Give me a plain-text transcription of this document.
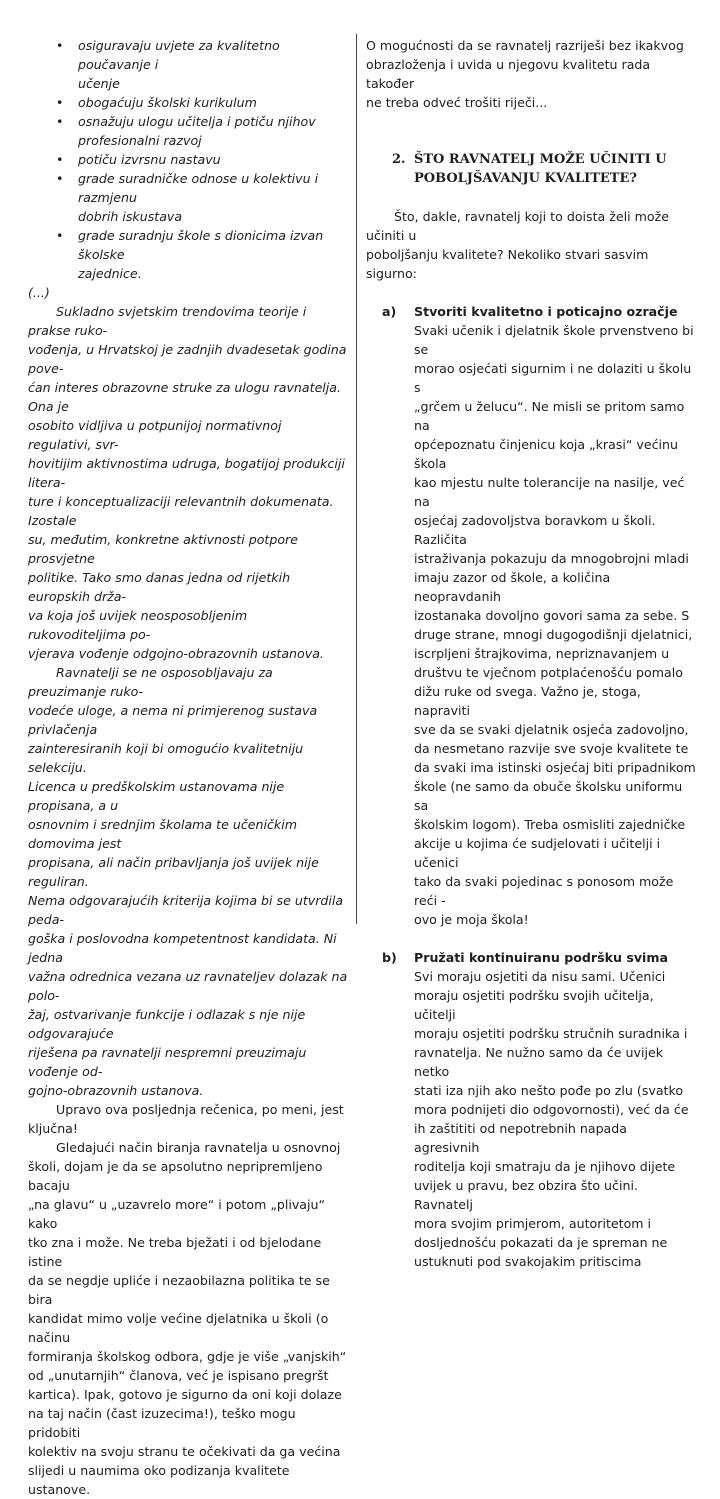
• osiguravaju uvjete za kvalitetno poučavanje i
učenje
• obogaćuju školski kurikulum
• osnažuju ulogu učitelja i potiču njihov
profesionalni razvoj
• potiču izvrsnu nastavu
• grade suradničke odnose u kolektivu i razmjenu
dobrih iskustava
• grade suradnju škole s dionicima izvan školske
zajednice.

(...)

Sukladno svjetskim trendovima teorije i prakse ruko-

vođenja, u Hrvatskoj je zadnjih dvadesetak godina pove-

ćan interes obrazovne struke za ulogu ravnatelja. Ona je

osobito vidljiva u potpunijoj normativnoj regulativi, svr-

hovitijim aktivnostima udruga, bogatijoj produkciji litera-

ture i konceptualizaciji relevantnih dokumenata. Izostale

su, međutim, konkretne aktivnosti potpore prosvjetne

politike. Tako smo danas jedna od rijetkih europskih drža-

va koja još uvijek neosposobljenim rukovoditeljima po-

vjerava vođenje odgojno-obrazovnih ustanova.

Ravnatelji se ne osposobljavaju za preuzimanje ruko-

vodeće uloge, a nema ni primjerenog sustava privlačenja

zainteresiranih koji bi omogućio kvalitetniju selekciju.

Licenca u predškolskim ustanovama nije propisana, a u

osnovnim i srednjim školama te učeničkim domovima jest

propisana, ali način pribavljanja još uvijek nije reguliran.

Nema odgovarajućih kriterija kojima bi se utvrdila peda-

goška i poslovodna kompetentnost kandidata. Ni jedna

važna odrednica vezana uz ravnateljev dolazak na polo-

žaj, ostvarivanje funkcije i odlazak s nje nije odgovarajuće

riješena pa ravnatelji nespremni preuzimaju vođenje od-

gojno-obrazovnih ustanova.

Upravo ova posljednja rečenica, po meni, jest

ključna!

Gledajući način biranja ravnatelja u osnovnoj

školi, dojam je da se apsolutno nepripremljeno bacaju

„na glavu“ u „uzavrelo more“ i potom „plivaju“ kako

tko zna i može. Ne treba bježati i od bjelodane istine

da se negdje upliće i nezaobilazna politika te se bira

kandidat mimo volje većine djelatnika u školi (o načinu

formiranja školskog odbora, gdje je više „vanjskih“

od „unutarnjih“ članova, već je ispisano pregršt

kartica). Ipak, gotovo je sigurno da oni koji dolaze

na taj način (čast izuzecima!), teško mogu pridobiti

kolektiv na svoju stranu te očekivati da ga većina

slijedi u naumima oko podizanja kvalitete ustanove.

O mogućnosti da se ravnatelj razriješi bez ikakvog

obrazloženja i uvida u njegovu kvalitetu rada također

ne treba odveć trošiti riječi...

2. ŠTO RAVNATELJ MOŽE UČINITI U
POBOLJŠAVANJU KVALITETE?

Što, dakle, ravnatelj koji to doista želi može učiniti u

poboljšanju kvalitete? Nekoliko stvari sasvim sigurno:

a)	Stvoriti kvalitetno i poticajno ozračje

Svaki učenik i djelatnik škole prvenstveno bi se

morao osjećati sigurnim i ne dolaziti u školu s

„grčem u želucu“. Ne misli se pritom samo na

općepoznatu činjenicu koja „krasi“ većinu škola

kao mjestu nulte tolerancije na nasilje, već na

osjećaj zadovoljstva boravkom u školi. Različita

istraživanja pokazuju da mnogobrojni mladi

imaju zazor od škole, a količina neopravdanih

izostanaka dovoljno govori sama za sebe. S

druge strane, mnogi dugogodišnji djelatnici,

iscrpljeni štrajkovima, nepriznavanjem u

društvu te vječnom potplaćenošću pomalo

dižu ruke od svega. Važno je, stoga, napraviti

sve da se svaki djelatnik osjeća zadovoljno,

da nesmetano razvije sve svoje kvalitete te

da svaki ima istinski osjećaj biti pripadnikom

škole (ne samo da obuče školsku uniformu sa

školskim logom). Treba osmisliti zajedničke

akcije u kojima će sudjelovati i učitelji i učenici

tako da svaki pojedinac s ponosom može reći -

ovo je moja škola!

b)	Pružati kontinuiranu podršku svima

Svi moraju osjetiti da nisu sami. Učenici

moraju osjetiti podršku svojih učitelja, učitelji

moraju osjetiti podršku stručnih suradnika i

ravnatelja. Ne nužno samo da će uvijek netko

stati iza njih ako nešto pođe po zlu (svatko

mora podnijeti dio odgovornosti), već da će

ih zaštititi od nepotrebnih napada agresivnih

roditelja koji smatraju da je njihovo dijete

uvijek u pravu, bez obzira što učini. Ravnatelj

mora svojim primjerom, autoritetom i

dosljednošću pokazati da je spreman ne

ustuknuti pod svakojakim pritiscima
